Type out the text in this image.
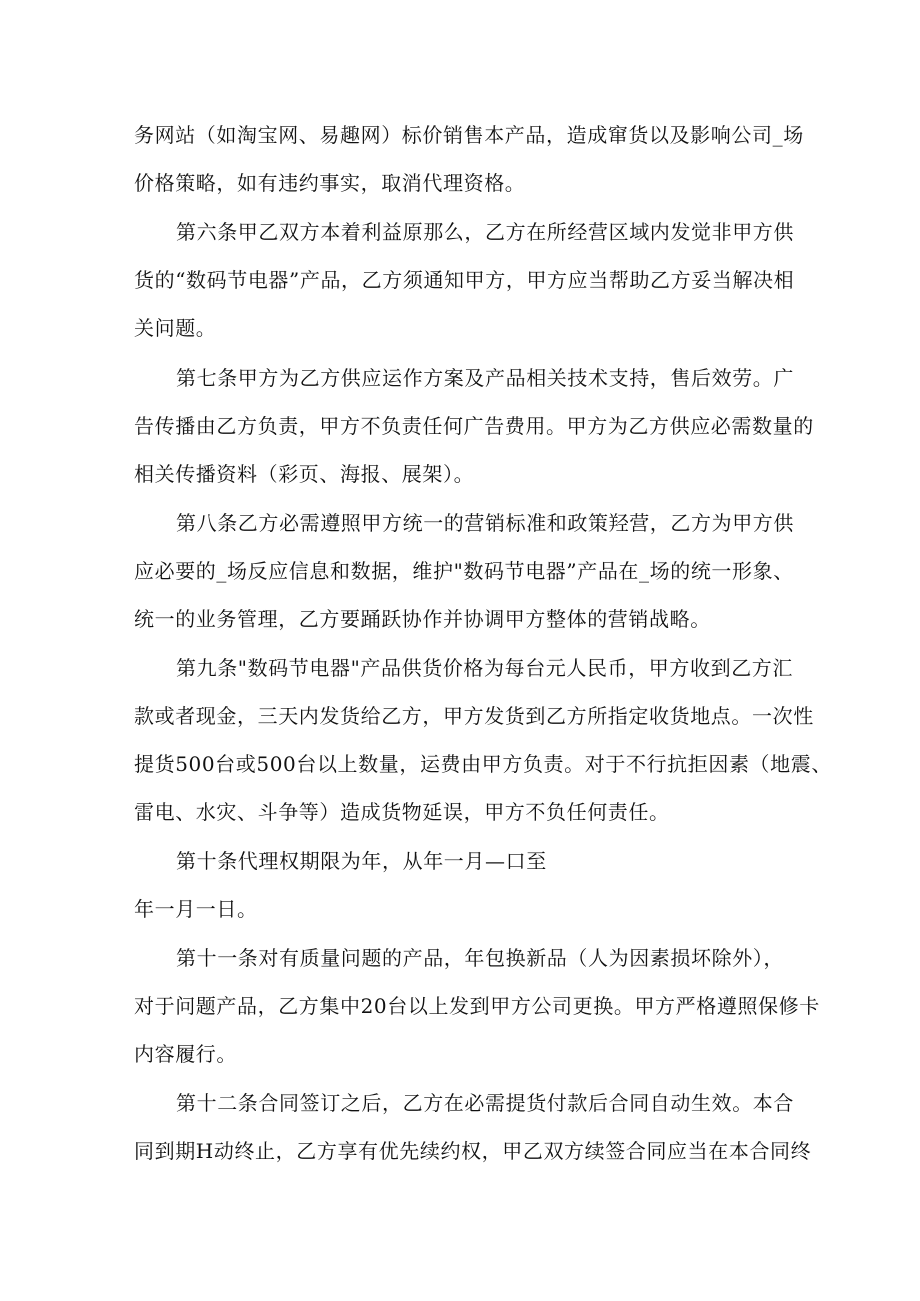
务网站（如淘宝网、易趣网）标价销售本产品，造成窜货以及影响公司_场
价格策略，如有违约事实，取消代理资格。
第六条甲乙双方本着利益原那么，乙方在所经营区域内发觉非甲方供
货的“数码节电器”产品，乙方须通知甲方，甲方应当帮助乙方妥当解决相
关问题。
第七条甲方为乙方供应运作方案及产品相关技术支持，售后效劳。广
告传播由乙方负责，甲方不负责任何广告费用。甲方为乙方供应必需数量的
相关传播资料（彩页、海报、展架）。
第八条乙方必需遵照甲方统一的营销标准和政策羟营，乙方为甲方供
应必要的_场反应信息和数据，维护"数码节电器”产品在_场的统一形象、
统一的业务管理，乙方要踊跃协作并协调甲方整体的营销战略。
第九条"数码节电器"产品供货价格为每台元人民币，甲方收到乙方汇
款或者现金，三天内发货给乙方，甲方发货到乙方所指定收货地点。一次性
提货500台或500台以上数量，运费由甲方负责。对于不行抗拒因素（地震、
雷电、水灾、斗争等）造成货物延误，甲方不负任何责任。
第十条代理权期限为年，从年一月—口至
年一月一日。
第十一条对有质量问题的产品，年包换新品（人为因素损坏除外），
对于问题产品，乙方集中20台以上发到甲方公司更换。甲方严格遵照保修卡
内容履行。
第十二条合同签订之后，乙方在必需提货付款后合同自动生效。本合
同到期H动终止，乙方享有优先续约权，甲乙双方续签合同应当在本合同终
